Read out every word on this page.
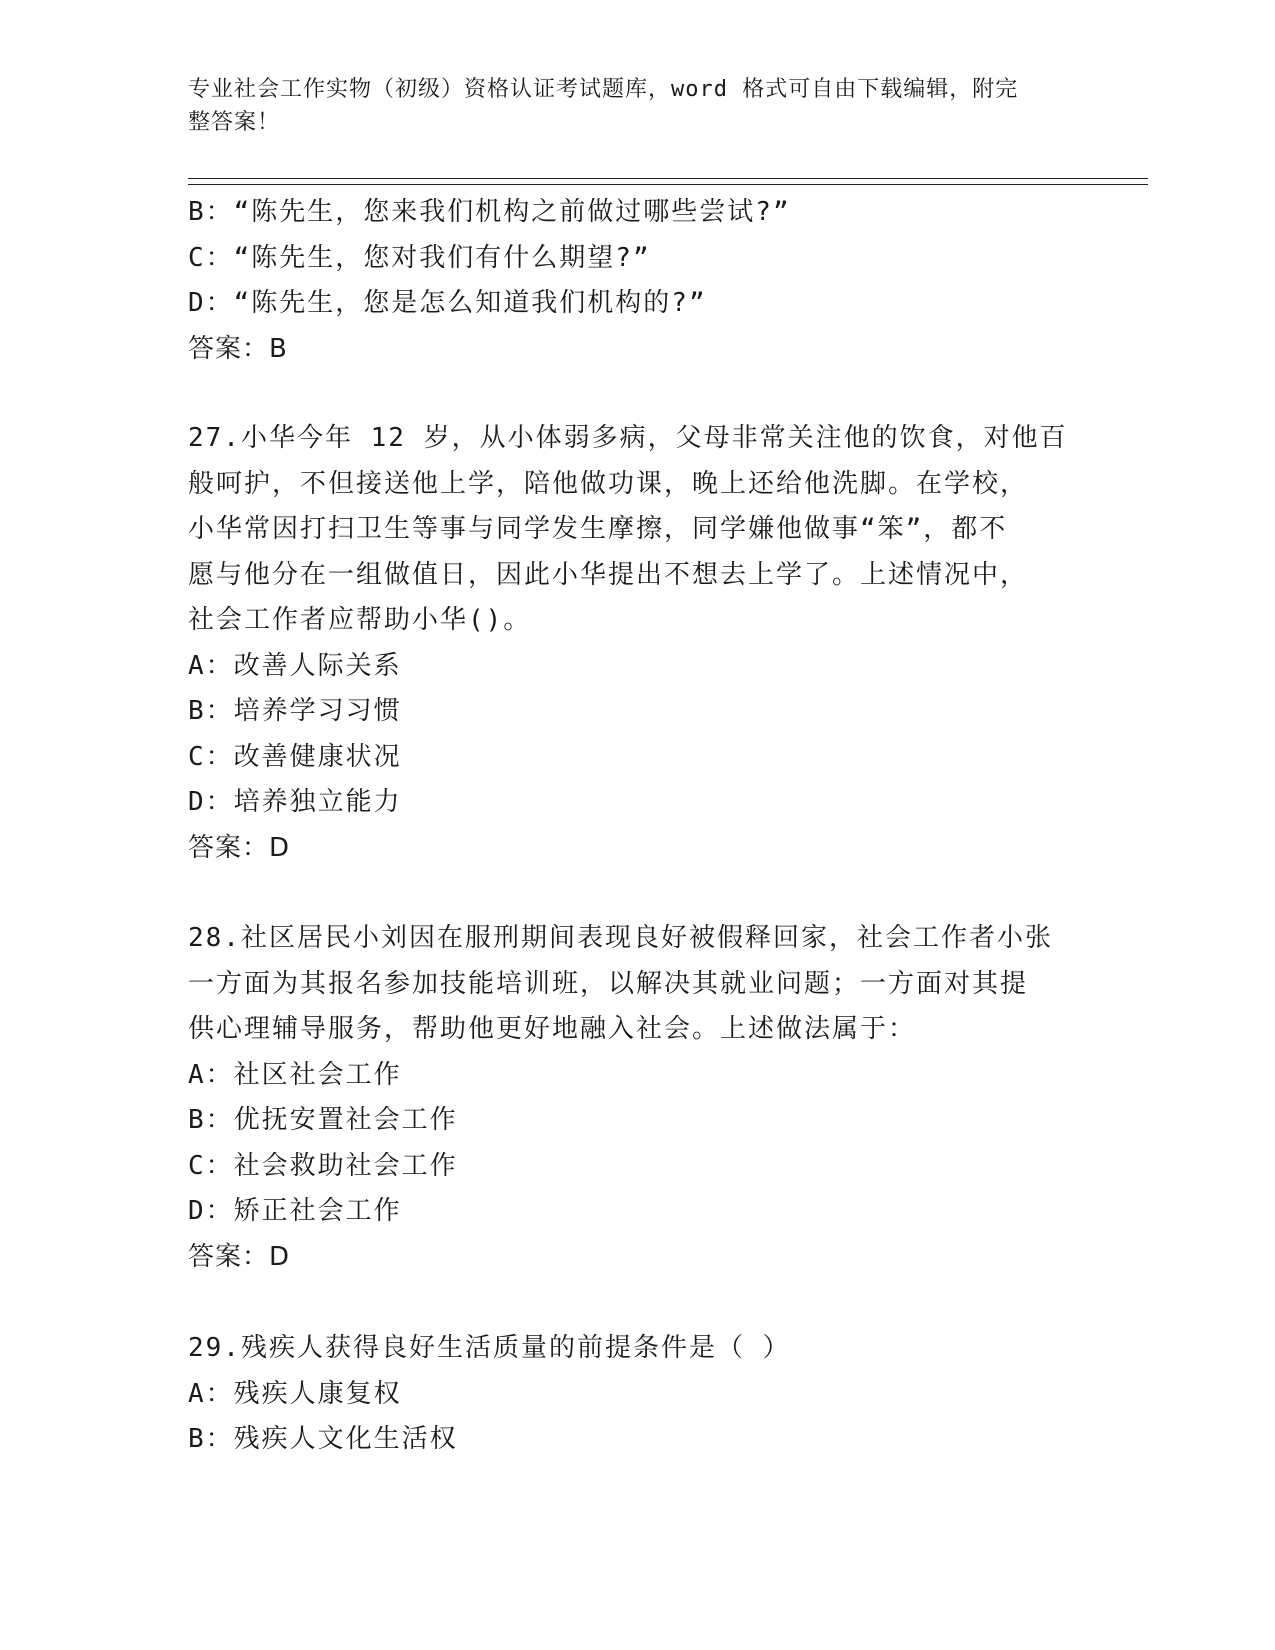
专业社会工作实物（初级）资格认证考试题库，word 格式可自由下载编辑，附完
整答案！
B：“陈先生，您来我们机构之前做过哪些尝试?”
C：“陈先生，您对我们有什么期望?”
D：“陈先生，您是怎么知道我们机构的?”
答案：B
27.小华今年 12 岁，从小体弱多病，父母非常关注他的饮食，对他百
般呵护，不但接送他上学，陪他做功课，晚上还给他洗脚。在学校，
小华常因打扫卫生等事与同学发生摩擦，同学嫌他做事“笨”，都不
愿与他分在一组做值日，因此小华提出不想去上学了。上述情况中，
社会工作者应帮助小华()。
A：改善人际关系
B：培养学习习惯
C：改善健康状况
D：培养独立能力
答案：D
28.社区居民小刘因在服刑期间表现良好被假释回家，社会工作者小张
一方面为其报名参加技能培训班，以解决其就业问题；一方面对其提
供心理辅导服务，帮助他更好地融入社会。上述做法属于：
A：社区社会工作
B：优抚安置社会工作
C：社会救助社会工作
D：矫正社会工作
答案：D
29.残疾人获得良好生活质量的前提条件是（ ）
A：残疾人康复权
B：残疾人文化生活权
